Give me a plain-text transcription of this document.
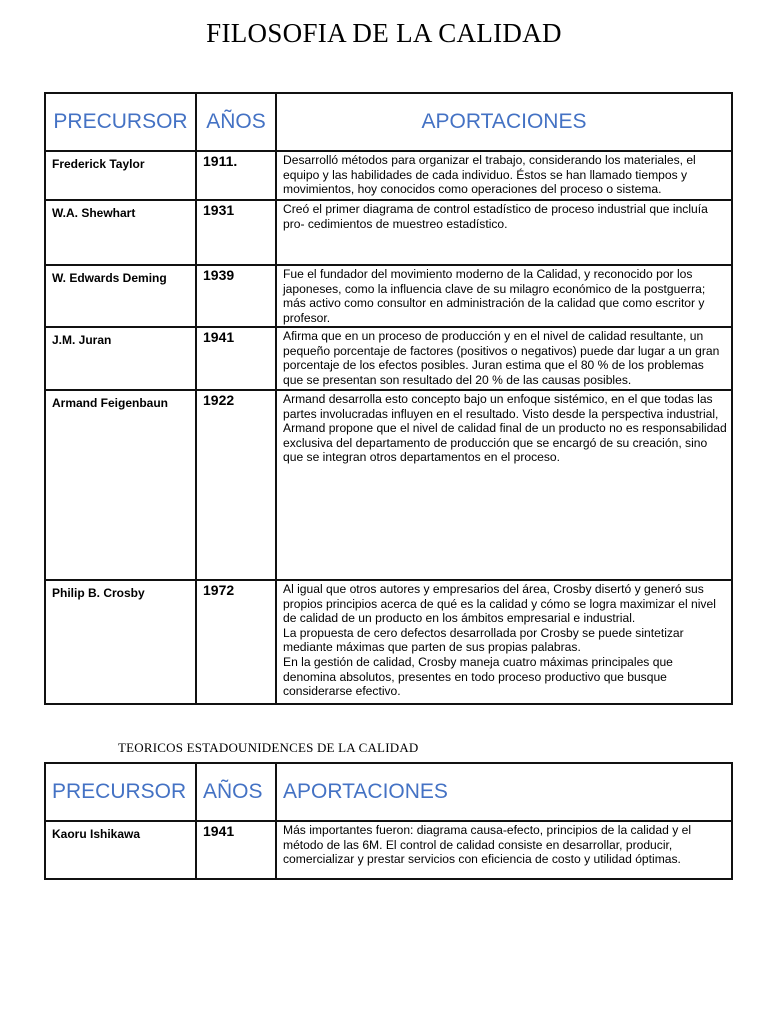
FILOSOFIA DE LA CALIDAD
PRECURSOR	AÑOS	APORTACIONES
Frederick Taylor	1911.	Desarrolló métodos para organizar el trabajo, considerando los materiales, el equipo y las habilidades de cada individuo. Éstos se han llamado tiempos y movimientos, hoy conocidos como operaciones del proceso o sistema.
W.A. Shewhart	1931	Creó el primer diagrama de control estadístico de proceso industrial que incluía pro- cedimientos de muestreo estadístico.
W. Edwards Deming	1939	Fue el fundador del movimiento moderno de la Calidad, y reconocido por los japoneses, como la influencia clave de su milagro económico de la postguerra; más activo como consultor en administración de la calidad que como escritor y profesor.
J.M. Juran	1941	Afirma que en un proceso de producción y en el nivel de calidad resultante, un pequeño porcentaje de factores (positivos o negativos) puede dar lugar a un gran porcentaje de los efectos posibles. Juran estima que el 80 % de los problemas que se presentan son resultado del 20 % de las causas posibles.
Armand Feigenbaun	1922	Armand desarrolla esto concepto bajo un enfoque sistémico, en el que todas las partes involucradas influyen en el resultado. Visto desde la perspectiva industrial, Armand propone que el nivel de calidad final de un producto no es responsabilidad exclusiva del departamento de producción que se encargó de su creación, sino que se integran otros departamentos en el proceso.
Philip B. Crosby	1972	Al igual que otros autores y empresarios del área, Crosby disertó y generó sus propios principios acerca de qué es la calidad y cómo se logra maximizar el nivel de calidad de un producto en los ámbitos empresarial e industrial.
La propuesta de cero defectos desarrollada por Crosby se puede sintetizar mediante máximas que parten de sus propias palabras.
En la gestión de calidad, Crosby maneja cuatro máximas principales que denomina absolutos, presentes en todo proceso productivo que busque considerarse efectivo.
TEORICOS ESTADOUNIDENCES DE LA CALIDAD
PRECURSOR	AÑOS	APORTACIONES
Kaoru Ishikawa	1941	Más importantes fueron: diagrama causa-efecto, principios de la calidad y el método de las 6M. El control de calidad consiste en desarrollar, producir, comercializar y prestar servicios con eficiencia de costo y utilidad óptimas.
